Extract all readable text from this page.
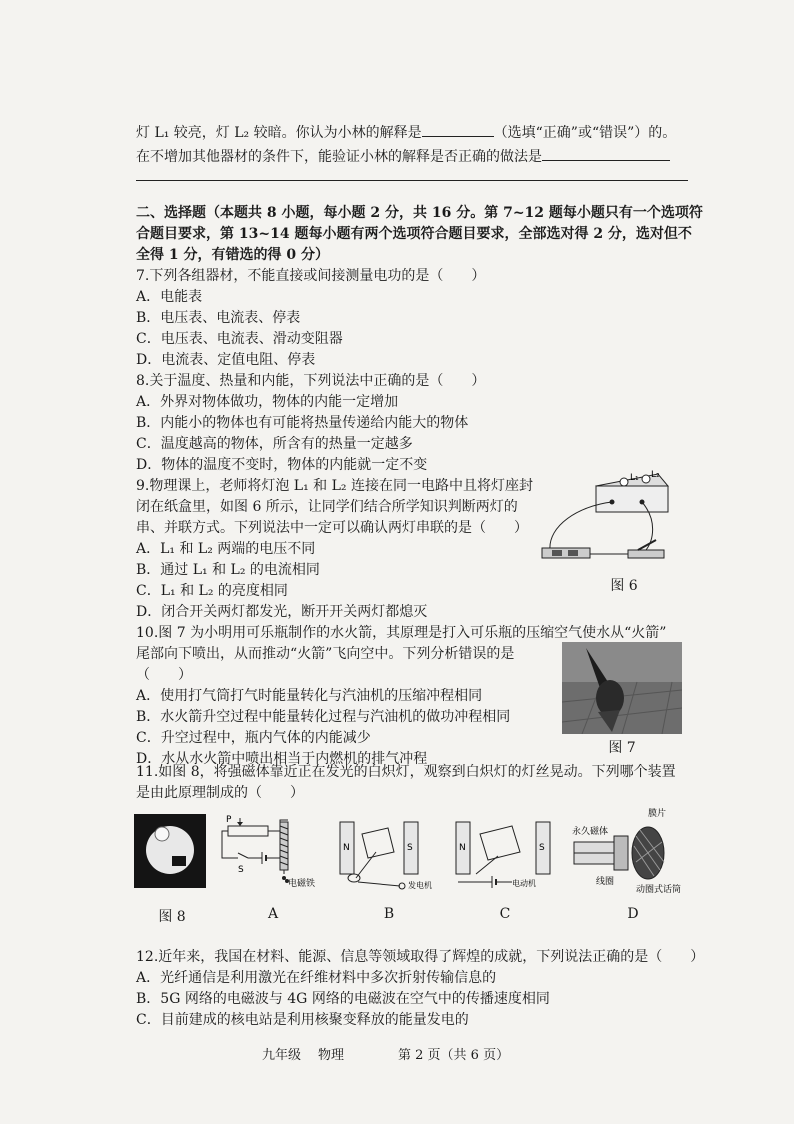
灯 L₁ 较亮，灯 L₂ 较暗。你认为小林的解释是	（选填“正确”或“错误”）的。
在不增加其他器材的条件下，能验证小林的解释是否正确的做法是
二、选择题（本题共 8 小题，每小题 2 分，共 16 分。第 7~12 题每小题只有一个选项符
合题目要求，第 13~14 题每小题有两个选项符合题目要求，全部选对得 2 分，选对但不
全得 1 分，有错选的得 0 分）
7.下列各组器材，不能直接或间接测量电功的是（　　）
A．电能表
B．电压表、电流表、停表
C．电压表、电流表、滑动变阻器
D．电流表、定值电阻、停表
8.关于温度、热量和内能，下列说法中正确的是（　　）
A．外界对物体做功，物体的内能一定增加
B．内能小的物体也有可能将热量传递给内能大的物体
C．温度越高的物体，所含有的热量一定越多
D．物体的温度不变时，物体的内能就一定不变
9.物理课上，老师将灯泡 L₁ 和 L₂ 连接在同一电路中且将灯座封
闭在纸盒里，如图 6 所示，让同学们结合所学知识判断两灯的
串、并联方式。下列说法中一定可以确认两灯串联的是（　　）
A．L₁ 和 L₂ 两端的电压不同
B．通过 L₁ 和 L₂ 的电流相同
C．L₁ 和 L₂ 的亮度相同
D．闭合开关两灯都发光，断开开关两灯都熄灭
L₁ L₂
图 6
10.图 7 为小明用可乐瓶制作的水火箭，其原理是打入可乐瓶的压缩空气使水从“火箭”
尾部向下喷出，从而推动“火箭”飞向空中。下列分析错误的是
（　　）
A．使用打气筒打气时能量转化与汽油机的压缩冲程相同
B．水火箭升空过程中能量转化过程与汽油机的做功冲程相同
C．升空过程中，瓶内气体的内能减少
D．水从水火箭中喷出相当于内燃机的排气冲程
图 7
11.如图 8，将强磁体靠近正在发光的白炽灯，观察到白炽灯的灯丝晃动。下列哪个装置
是由此原理制成的（　　）
P
S
电磁铁
N	S
发电机
N	S
电动机
膜片
永久磁体
线圈
动圈式话筒
图 8	A	B	C	D
12.近年来，我国在材料、能源、信息等领域取得了辉煌的成就，下列说法正确的是（　　）
A．光纤通信是利用激光在纤维材料中多次折射传输信息的
B．5G 网络的电磁波与 4G 网络的电磁波在空气中的传播速度相同
C．目前建成的核电站是利用核聚变释放的能量发电的
九年级 物理	第 2 页（共 6 页）
